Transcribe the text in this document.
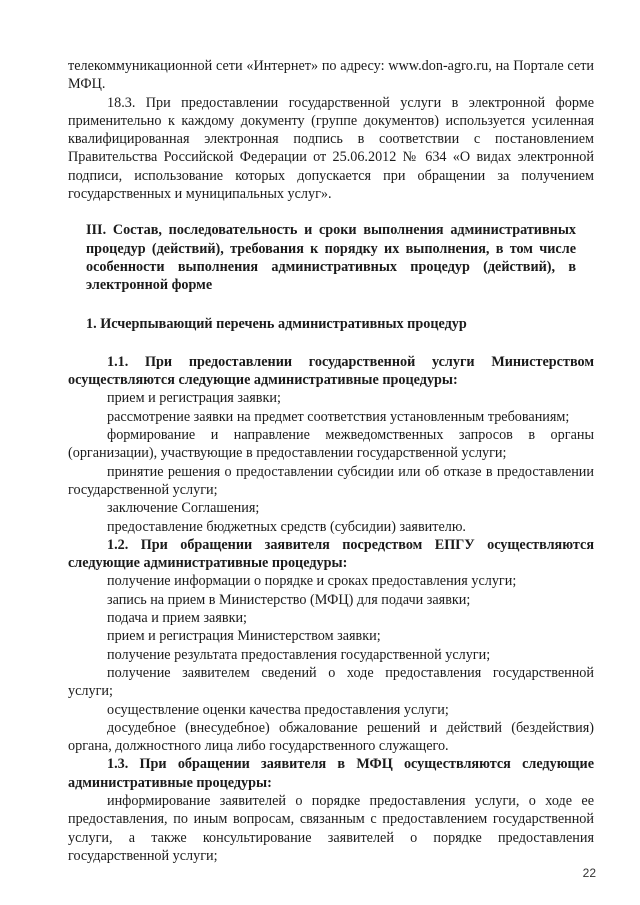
телекоммуникационной сети «Интернет» по адресу: www.don-agro.ru, на Портале сети МФЦ.

18.3. При предоставлении государственной услуги в электронной форме применительно к каждому документу (группе документов) используется усиленная квалифицированная электронная подпись в соответствии с постановлением Правительства Российской Федерации от 25.06.2012 № 634 «О видах электронной подписи, использование которых допускается при обращении за получением государственных и муниципальных услуг».

III. Состав, последовательность и сроки выполнения административных процедур (действий), требования к порядку их выполнения, в том числе особенности выполнения административных процедур (действий), в электронной форме

1. Исчерпывающий перечень административных процедур

1.1. При предоставлении государственной услуги Министерством осуществляются следующие административные процедуры:

прием и регистрация заявки;

рассмотрение заявки на предмет соответствия установленным требованиям;

формирование и направление межведомственных запросов в органы (организации), участвующие в предоставлении государственной услуги;

принятие решения о предоставлении субсидии или об отказе в предоставлении государственной услуги;

заключение Соглашения;

предоставление бюджетных средств (субсидии) заявителю.

1.2. При обращении заявителя посредством ЕПГУ осуществляются следующие административные процедуры:

получение информации о порядке и сроках предоставления услуги;

запись на прием в Министерство (МФЦ) для подачи заявки;

подача и прием заявки;

прием и регистрация Министерством заявки;

получение результата предоставления государственной услуги;

получение заявителем сведений о ходе предоставления государственной услуги;

осуществление оценки качества предоставления услуги;

досудебное (внесудебное) обжалование решений и действий (бездействия) органа, должностного лица либо государственного служащего.

1.3. При обращении заявителя в МФЦ осуществляются следующие административные процедуры:

информирование заявителей о порядке предоставления услуги, о ходе ее предоставления, по иным вопросам, связанным с предоставлением государственной услуги, а также консультирование заявителей о порядке предоставления государственной услуги;

22
